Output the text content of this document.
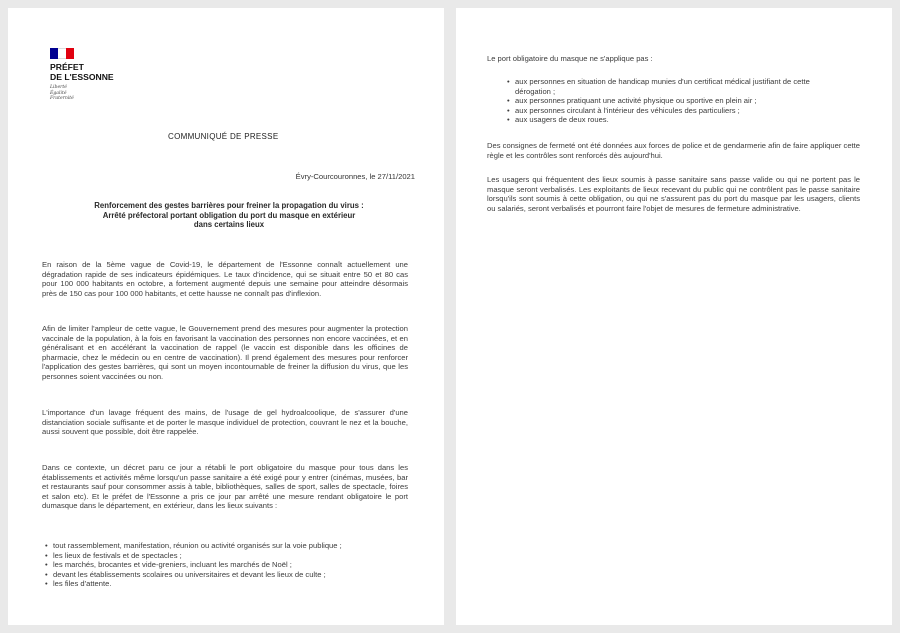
PRÉFET
DE L'ESSONNE
Liberté
Égalité
Fraternité
COMMUNIQUÉ DE PRESSE
Évry-Courcouronnes, le 27/11/2021
Renforcement des gestes barrières pour freiner la propagation du virus :
Arrêté préfectoral portant obligation du port du masque en extérieur
dans certains lieux

En raison de la 5ème vague de Covid-19, le département de l'Essonne connaît actuellement une dégradation rapide de ses indicateurs épidémiques. Le taux d'incidence, qui se situait entre 50 et 80 cas pour 100 000 habitants en octobre, a fortement augmenté depuis une semaine pour atteindre désormais près de 150 cas pour 100 000 habitants, et cette hausse ne connaît pas d'inflexion.

Afin de limiter l'ampleur de cette vague, le Gouvernement prend des mesures pour augmenter la protection vaccinale de la population, à la fois en favorisant la vaccination des personnes non encore vaccinées, et en généralisant et en accélérant la vaccination de rappel (le vaccin est disponible dans les officines de pharmacie, chez le médecin ou en centre de vaccination). Il prend également des mesures pour renforcer l'application des gestes barrières, qui sont un moyen incontournable de freiner la diffusion du virus, que les personnes soient vaccinées ou non.

L'importance d'un lavage fréquent des mains, de l'usage de gel hydroalcoolique, de s'assurer d'une distanciation sociale suffisante et de porter le masque individuel de protection, couvrant le nez et la bouche, aussi souvent que possible, doit être rappelée.

Dans ce contexte, un décret paru ce jour a rétabli le port obligatoire du masque pour tous dans les établissements et activités même lorsqu'un passe sanitaire a été exigé pour y entrer (cinémas, musées, bar et restaurants sauf pour consommer assis à table, bibliothèques, salles de sport, salles de spectacle, foires et salon etc). Et le préfet de l'Essonne a pris ce jour par arrêté une mesure rendant obligatoire le port dumasque dans le département, en extérieur, dans les lieux suivants :

• tout rassemblement, manifestation, réunion ou activité organisés sur la voie publique ;
• les lieux de festivals et de spectacles ;
• les marchés, brocantes et vide-greniers, incluant les marchés de Noël ;
• devant les établissements scolaires ou universitaires et devant les lieux de culte ;
• les files d'attente.

Le port obligatoire du masque ne s'applique pas :

• aux personnes en situation de handicap munies d'un certificat médical justifiant de cette dérogation ;
• aux personnes pratiquant une activité physique ou sportive en plein air ;
• aux personnes circulant à l'intérieur des véhicules des particuliers ;
• aux usagers de deux roues.

Des consignes de fermeté ont été données aux forces de police et de gendarmerie afin de faire appliquer cette règle et les contrôles sont renforcés dès aujourd'hui.

Les usagers qui fréquentent des lieux soumis à passe sanitaire sans passe valide ou qui ne portent pas le masque seront verbalisés. Les exploitants de lieux recevant du public qui ne contrôlent pas le passe sanitaire lorsqu'ils sont soumis à cette obligation, ou qui ne s'assurent pas du port du masque par les usagers, clients ou salariés, seront verbalisés et pourront faire l'objet de mesures de fermeture administrative.
